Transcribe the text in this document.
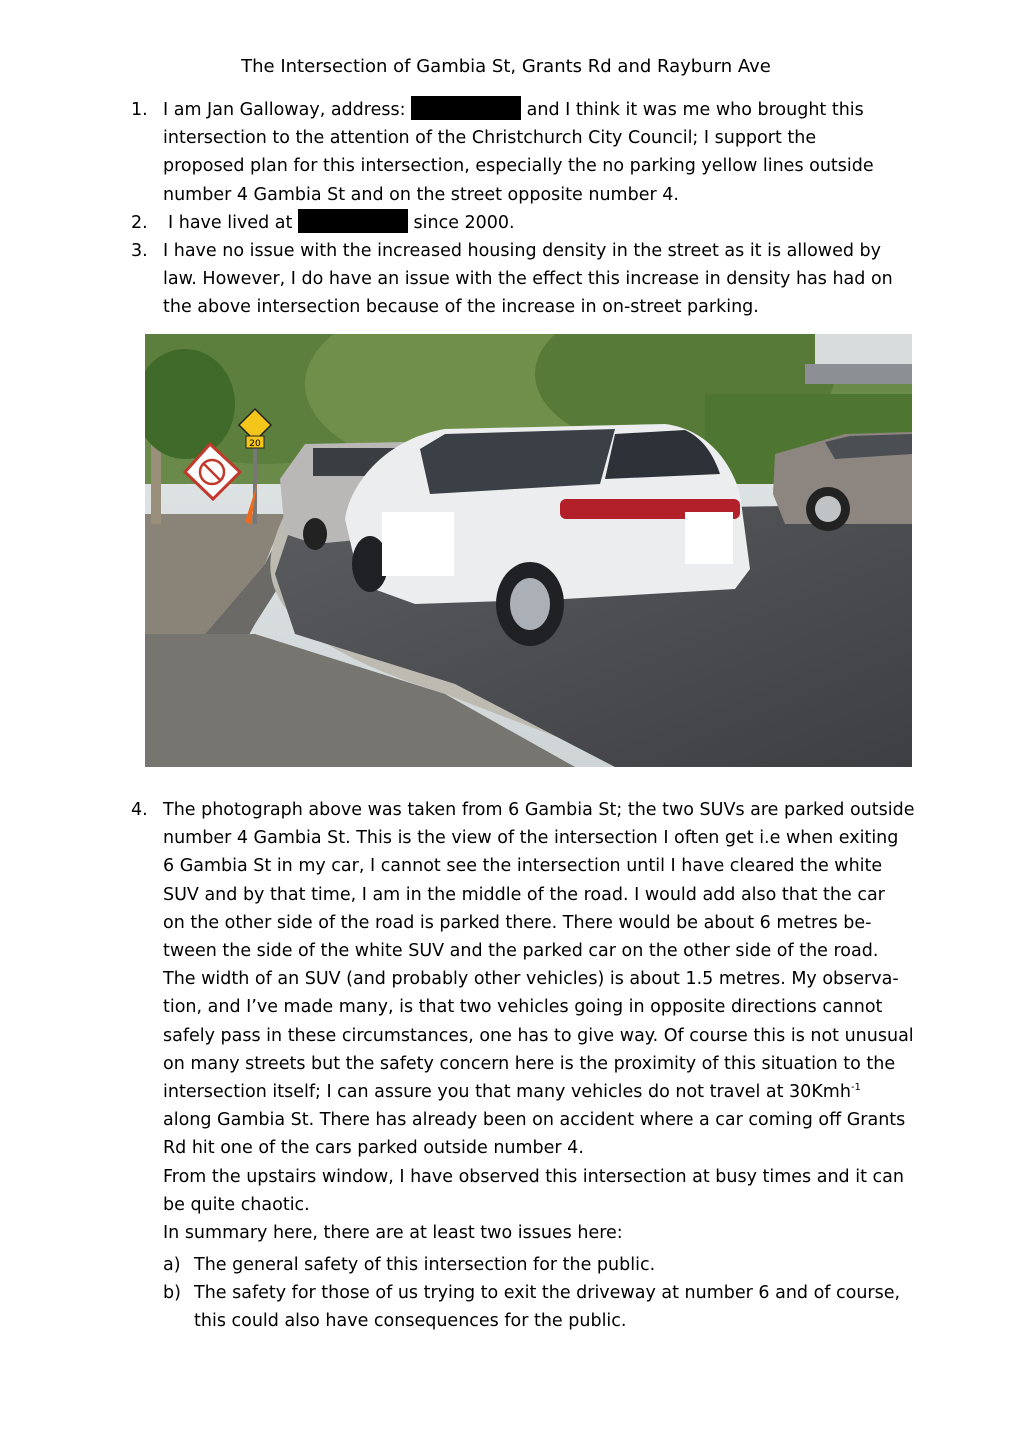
The Intersection of Gambia St, Grants Rd and Rayburn Ave
1. I am Jan Galloway, address:	and I think it was me who brought this
intersection to the attention of the Christchurch City Council; I support the
proposed plan for this intersection, especially the no parking yellow lines outside
number 4 Gambia St and on the street opposite number 4.
2. I have lived at	since 2000.
3. I have no issue with the increased housing density in the street as it is allowed by
law. However, I do have an issue with the effect this increase in density has had on
the above intersection because of the increase in on-street parking.
20
4. The photograph above was taken from 6 Gambia St; the two SUVs are parked outside
number 4 Gambia St. This is the view of the intersection I often get i.e when exiting
6 Gambia St in my car, I cannot see the intersection until I have cleared the white
SUV and by that time, I am in the middle of the road. I would add also that the car
on the other side of the road is parked there. There would be about 6 metres be-
tween the side of the white SUV and the parked car on the other side of the road.
The width of an SUV (and probably other vehicles) is about 1.5 metres. My observa-
tion, and I’ve made many, is that two vehicles going in opposite directions cannot
safely pass in these circumstances, one has to give way. Of course this is not unusual
on many streets but the safety concern here is the proximity of this situation to the
intersection itself; I can assure you that many vehicles do not travel at 30Kmh$^{-1}$
along Gambia St. There has already been on accident where a car coming off Grants
Rd hit one of the cars parked outside number 4.
From the upstairs window, I have observed this intersection at busy times and it can
be quite chaotic.
In summary here, there are at least two issues here:
a) The general safety of this intersection for the public.
b) The safety for those of us trying to exit the driveway at number 6 and of course,
this could also have consequences for the public.
